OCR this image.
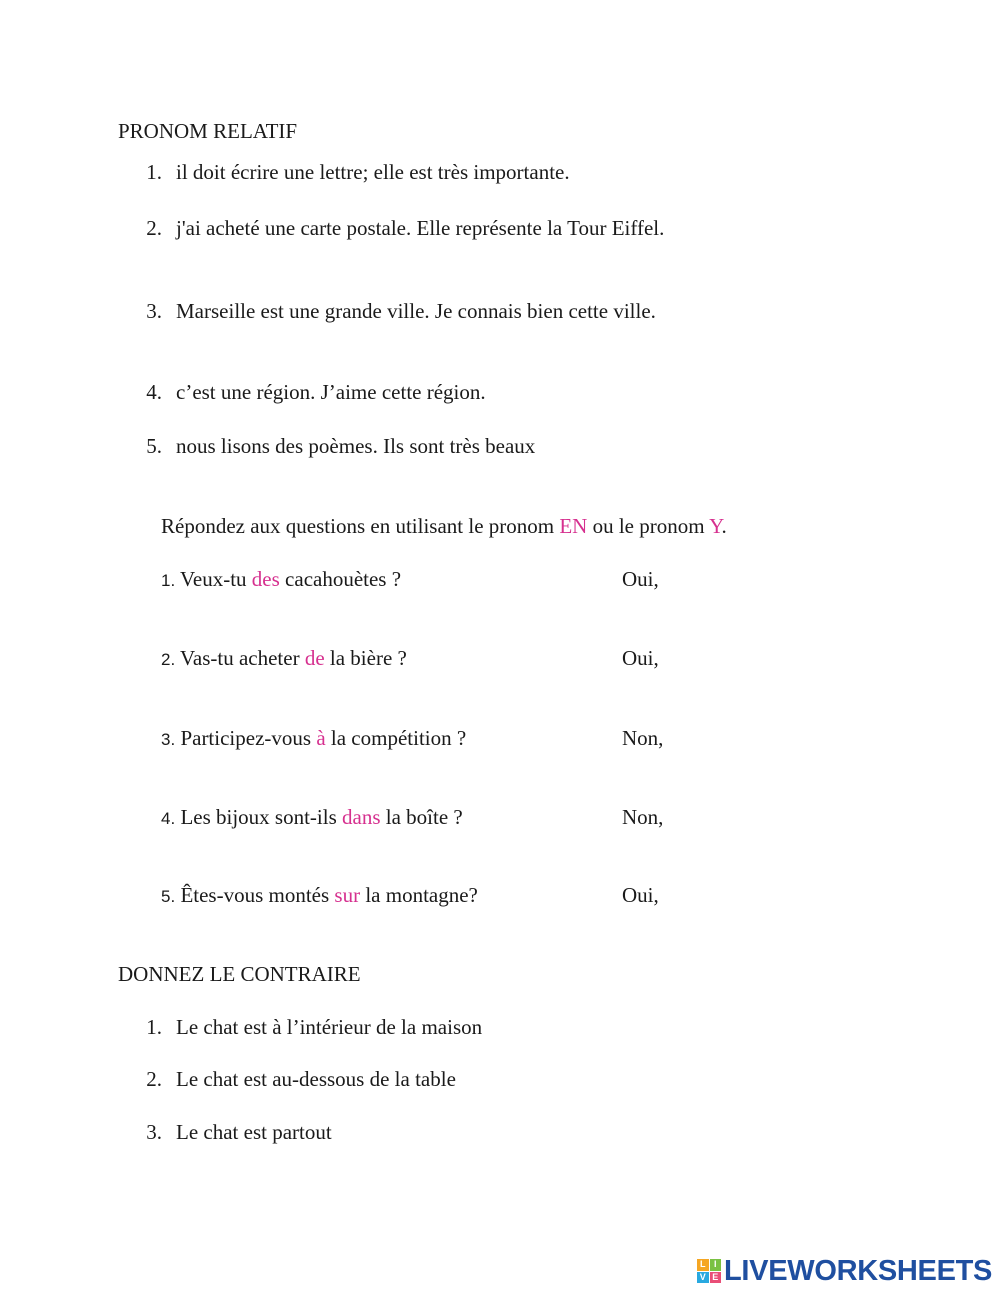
PRONOM RELATIF
1. il doit écrire une lettre; elle est très importante.
2. j'ai acheté une carte postale. Elle représente la Tour Eiffel.
3. Marseille est une grande ville. Je connais bien cette ville.
4. c’est une région. J’aime cette région.
5. nous lisons des poèmes. Ils sont très beaux
Répondez aux questions en utilisant le pronom EN ou le pronom Y.
1. Veux-tu des cacahouètes ?	Oui,
2. Vas-tu acheter de la bière ?	Oui,
3. Participez-vous à la compétition ?	Non,
4. Les bijoux sont-ils dans la boîte ?	Non,
5. Êtes-vous montés sur la montagne?	Oui,
DONNEZ LE CONTRAIRE
1. Le chat est à l’intérieur de la maison
2. Le chat est au-dessous de la table
3. Le chat est partout
L I
V E LIVEWORKSHEETS
